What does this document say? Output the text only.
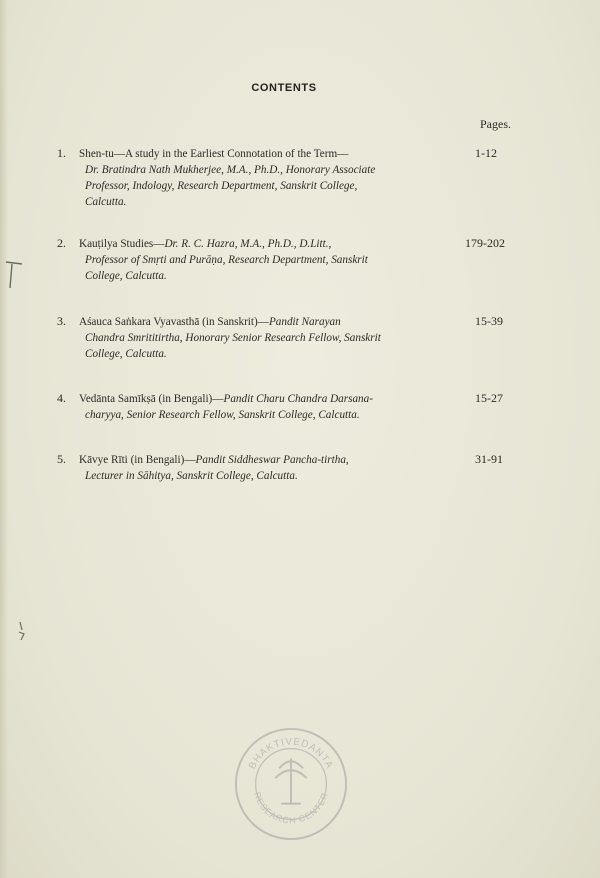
CONTENTS
Pages.
1. Shen-tu—A study in the Earliest Connotation of the Term—
Dr. Bratindra Nath Mukherjee, M.A., Ph.D., Honorary Associate
Professor, Indology, Research Department, Sanskrit College,
Calcutta.
1-12
2. Kauṭilya Studies—Dr. R. C. Hazra, M.A., Ph.D., D.Litt.,
Professor of Smṛti and Purāṇa, Research Department, Sanskrit
College, Calcutta.
179-202
3. Aśauca Saṅkara Vyavasthā (in Sanskrit)—Pandit Narayan
Chandra Smrititirtha, Honorary Senior Research Fellow, Sanskrit
College, Calcutta.
15-39
4. Vedānta Samīkṣā (in Bengali)—Pandit Charu Chandra Darsana-
charyya, Senior Research Fellow, Sanskrit College, Calcutta.
15-27
5. Kāvye Rīti (in Bengali)—Pandit Siddheswar Pancha-tirtha,
Lecturer in Sāhitya, Sanskrit College, Calcutta.
31-91
BHAKTIVEDANTA
RESEARCH CENTER
